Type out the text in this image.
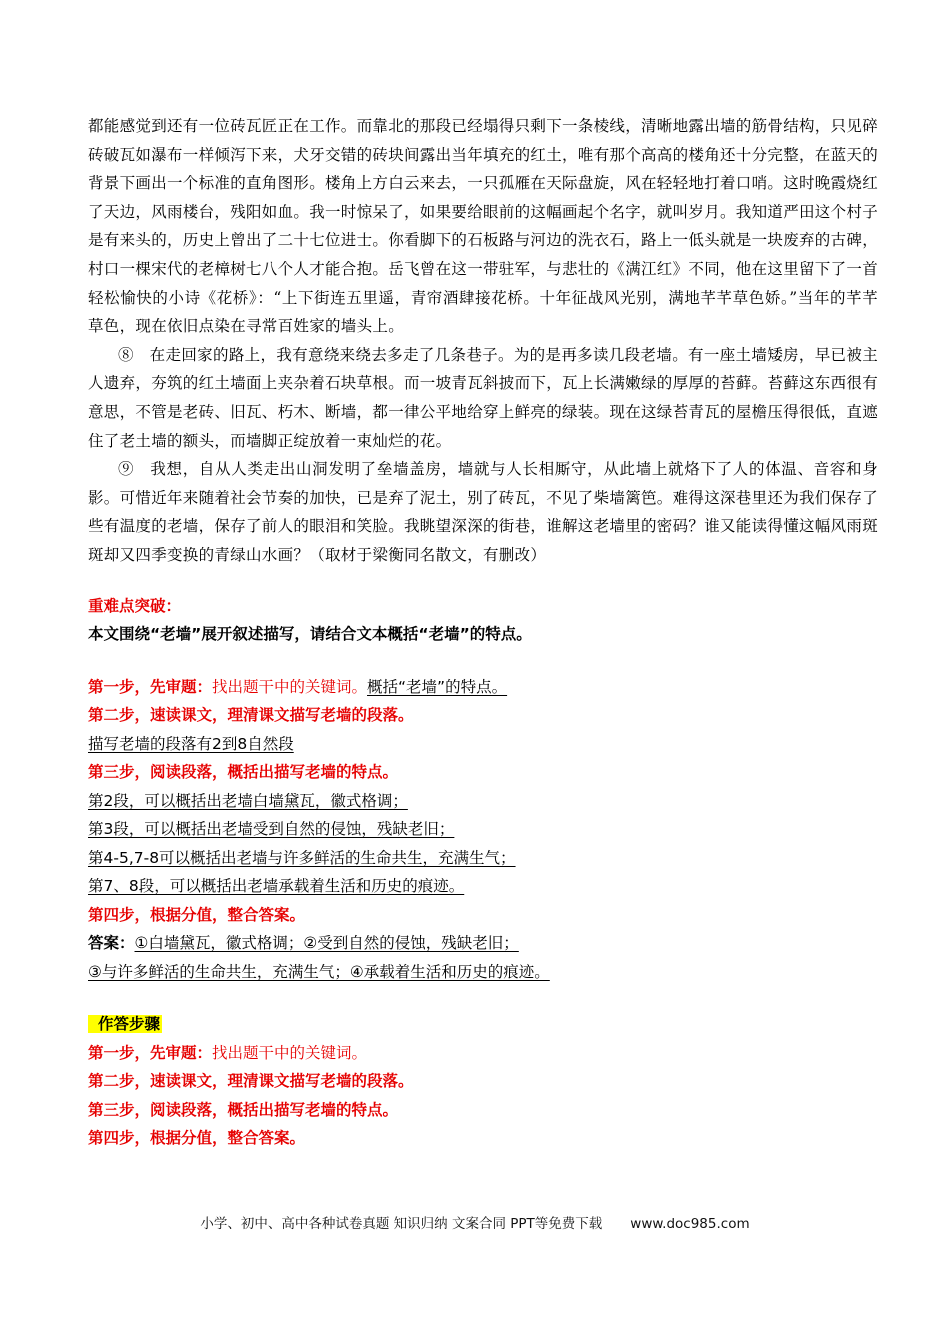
都能感觉到还有一位砖瓦匠正在工作。而靠北的那段已经塌得只剩下一条棱线，清晰地露出墙的筋骨结构，只见碎砖破瓦如瀑布一样倾泻下来，犬牙交错的砖块间露出当年填充的红土，唯有那个高高的楼角还十分完整，在蓝天的背景下画出一个标准的直角图形。楼角上方白云来去，一只孤雁在天际盘旋，风在轻轻地打着口哨。这时晚霞烧红了天边，风雨楼台，残阳如血。我一时惊呆了，如果要给眼前的这幅画起个名字，就叫岁月。我知道严田这个村子是有来头的，历史上曾出了二十七位进士。你看脚下的石板路与河边的洗衣石，路上一低头就是一块废弃的古碑，村口一棵宋代的老樟树七八个人才能合抱。岳飞曾在这一带驻军，与悲壮的《满江红》不同，他在这里留下了一首轻松愉快的小诗《花桥》：“上下街连五里遥，青帘酒肆接花桥。十年征战风光别，满地芊芊草色娇。”当年的芊芊草色，现在依旧点染在寻常百姓家的墙头上。

⑧　在走回家的路上，我有意绕来绕去多走了几条巷子。为的是再多读几段老墙。有一座土墙矮房，早已被主人遗弃，夯筑的红土墙面上夹杂着石块草根。而一坡青瓦斜披而下，瓦上长满嫩绿的厚厚的苔藓。苔藓这东西很有意思，不管是老砖、旧瓦、朽木、断墙，都一律公平地给穿上鲜亮的绿装。现在这绿苔青瓦的屋檐压得很低，直遮住了老土墙的额头，而墙脚正绽放着一束灿烂的花。

⑨　我想，自从人类走出山洞发明了垒墙盖房，墙就与人长相厮守，从此墙上就烙下了人的体温、音容和身影。可惜近年来随着社会节奏的加快，已是弃了泥土，别了砖瓦，不见了柴墙篱笆。难得这深巷里还为我们保存了些有温度的老墙，保存了前人的眼泪和笑脸。我眺望深深的街巷，谁解这老墙里的密码？谁又能读得懂这幅风雨斑斑却又四季变换的青绿山水画？（取材于梁衡同名散文，有删改）

重难点突破：

本文围绕“老墙”展开叙述描写，请结合文本概括“老墙”的特点。

第一步，先审题：找出题干中的关键词。概括“老墙”的特点。

第二步，速读课文，理清课文描写老墙的段落。

描写老墙的段落有2到8自然段

第三步，阅读段落，概括出描写老墙的特点。

第2段，可以概括出老墙白墙黛瓦，徽式格调；

第3段，可以概括出老墙受到自然的侵蚀，残缺老旧；

第4-5,7-8可以概括出老墙与许多鲜活的生命共生，充满生气；

第7、8段，可以概括出老墙承载着生活和历史的痕迹。

第四步，根据分值，整合答案。

答案：①白墙黛瓦，徽式格调；②受到自然的侵蚀，残缺老旧；

③与许多鲜活的生命共生，充满生气；④承载着生活和历史的痕迹。

作答步骤

第一步，先审题：找出题干中的关键词。

第二步，速读课文，理清课文描写老墙的段落。

第三步，阅读段落，概括出描写老墙的特点。

第四步，根据分值，整合答案。

小学、初中、高中各种试卷真题 知识归纳 文案合同 PPT等免费下载 www.doc985.com
